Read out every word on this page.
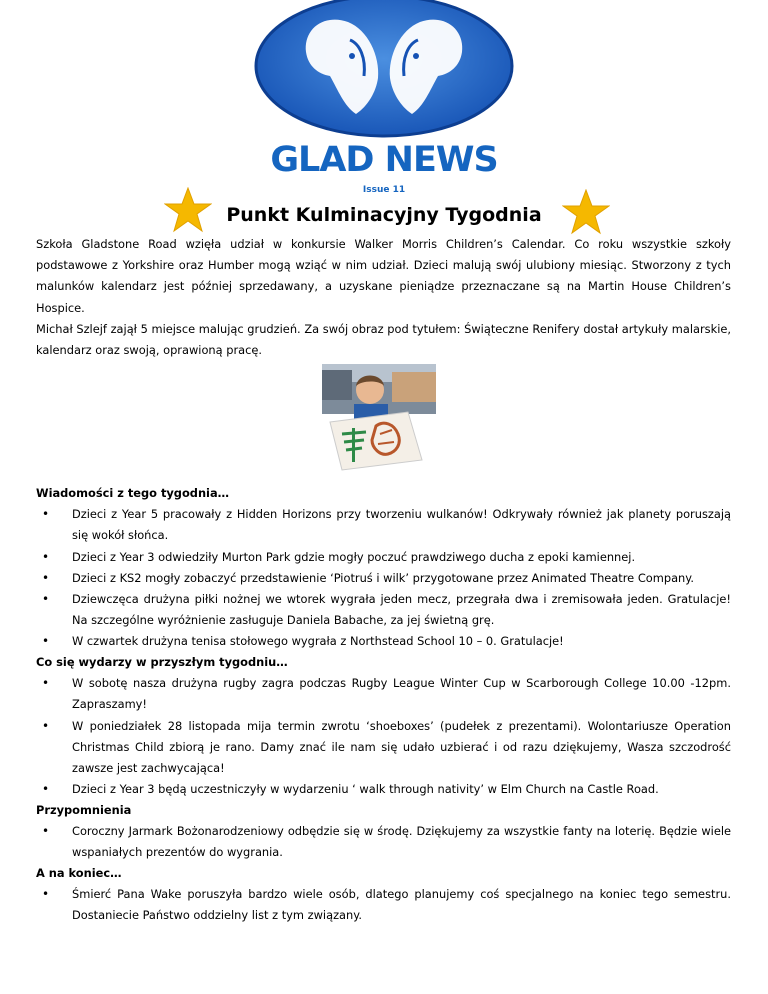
GLAD NEWS
Issue 11
Punkt Kulminacyjny Tygodnia

Szkoła Gladstone Road wzięła udział w konkursie Walker Morris Children’s Calendar. Co roku wszystkie szkoły podstawowe z Yorkshire oraz Humber mogą wziąć w nim udział. Dzieci malują swój ulubiony miesiąc. Stworzony z tych malunków kalendarz jest później sprzedawany, a uzyskane pieniądze przeznaczane są na Martin House Children’s Hospice.

Michał Szlejf zajął 5 miejsce malując grudzień. Za swój obraz pod tytułem: Świąteczne Renifery dostał artykuły malarskie, kalendarz oraz swoją, oprawioną pracę.

Wiadomości z tego tygodnia…

• Dzieci z Year 5 pracowały z Hidden Horizons przy tworzeniu wulkanów! Odkrywały również jak planety poruszają się wokół słońca.
• Dzieci z Year 3 odwiedziły Murton Park gdzie mogły poczuć prawdziwego ducha z epoki kamiennej.
• Dzieci z KS2 mogły zobaczyć przedstawienie ‘Piotruś i wilk’ przygotowane przez Animated Theatre Company.
• Dziewczęca drużyna piłki nożnej we wtorek wygrała jeden mecz, przegrała dwa i zremisowała jeden. Gratulacje! Na szczególne wyróżnienie zasługuje Daniela Babache, za jej świetną grę.
• W czwartek drużyna tenisa stołowego wygrała z Northstead School 10 – 0. Gratulacje!

Co się wydarzy w przyszłym tygodniu…

• W sobotę nasza drużyna rugby zagra podczas Rugby League Winter Cup w Scarborough College 10.00 -12pm. Zapraszamy!
• W poniedziałek 28 listopada mija termin zwrotu ‘shoeboxes’ (pudełek z prezentami). Wolontariusze Operation Christmas Child zbiorą je rano. Damy znać ile nam się udało uzbierać i od razu dziękujemy, Wasza szczodrość zawsze jest zachwycająca!
• Dzieci z Year 3 będą uczestniczyły w wydarzeniu ‘ walk through nativity’ w Elm Church na Castle Road.

Przypomnienia

• Coroczny Jarmark Bożonarodzeniowy odbędzie się w środę. Dziękujemy za wszystkie fanty na loterię. Będzie wiele wspaniałych prezentów do wygrania.

A na koniec…

• Śmierć Pana Wake poruszyła bardzo wiele osób, dlatego planujemy coś specjalnego na koniec tego semestru. Dostaniecie Państwo oddzielny list z tym związany.
